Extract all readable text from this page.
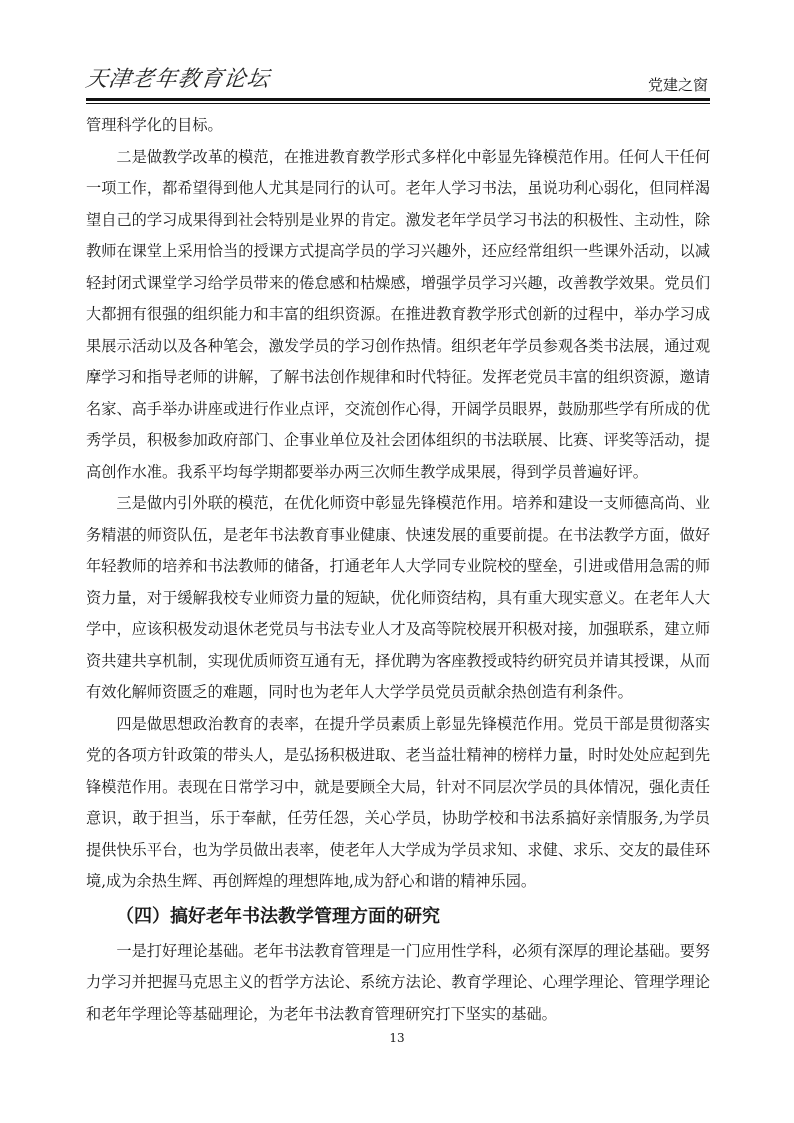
天津老年教育论坛	党建之窗

管理科学化的目标。

二是做教学改革的模范，在推进教育教学形式多样化中彰显先锋模范作用。任何人干任何一项工作，都希望得到他人尤其是同行的认可。老年人学习书法，虽说功利心弱化，但同样渴望自己的学习成果得到社会特别是业界的肯定。激发老年学员学习书法的积极性、主动性，除教师在课堂上采用恰当的授课方式提高学员的学习兴趣外，还应经常组织一些课外活动，以减轻封闭式课堂学习给学员带来的倦怠感和枯燥感，增强学员学习兴趣，改善教学效果。党员们大都拥有很强的组织能力和丰富的组织资源。在推进教育教学形式创新的过程中，举办学习成果展示活动以及各种笔会，激发学员的学习创作热情。组织老年学员参观各类书法展，通过观摩学习和指导老师的讲解，了解书法创作规律和时代特征。发挥老党员丰富的组织资源，邀请名家、高手举办讲座或进行作业点评，交流创作心得，开阔学员眼界，鼓励那些学有所成的优秀学员，积极参加政府部门、企事业单位及社会团体组织的书法联展、比赛、评奖等活动，提高创作水准。我系平均每学期都要举办两三次师生教学成果展，得到学员普遍好评。

三是做内引外联的模范，在优化师资中彰显先锋模范作用。培养和建设一支师德高尚、业务精湛的师资队伍，是老年书法教育事业健康、快速发展的重要前提。在书法教学方面，做好年轻教师的培养和书法教师的储备，打通老年人大学同专业院校的壁垒，引进或借用急需的师资力量，对于缓解我校专业师资力量的短缺，优化师资结构，具有重大现实意义。在老年人大学中，应该积极发动退休老党员与书法专业人才及高等院校展开积极对接，加强联系，建立师资共建共享机制，实现优质师资互通有无，择优聘为客座教授或特约研究员并请其授课，从而有效化解师资匮乏的难题，同时也为老年人大学学员党员贡献余热创造有利条件。

四是做思想政治教育的表率，在提升学员素质上彰显先锋模范作用。党员干部是贯彻落实党的各项方针政策的带头人，是弘扬积极进取、老当益壮精神的榜样力量，时时处处应起到先锋模范作用。表现在日常学习中，就是要顾全大局，针对不同层次学员的具体情况，强化责任意识，敢于担当，乐于奉献，任劳任怨，关心学员，协助学校和书法系搞好亲情服务,为学员提供快乐平台，也为学员做出表率，使老年人大学成为学员求知、求健、求乐、交友的最佳环境,成为余热生辉、再创辉煌的理想阵地,成为舒心和谐的精神乐园。

（四）搞好老年书法教学管理方面的研究

一是打好理论基础。老年书法教育管理是一门应用性学科，必须有深厚的理论基础。要努力学习并把握马克思主义的哲学方法论、系统方法论、教育学理论、心理学理论、管理学理论和老年学理论等基础理论，为老年书法教育管理研究打下坚实的基础。

13
